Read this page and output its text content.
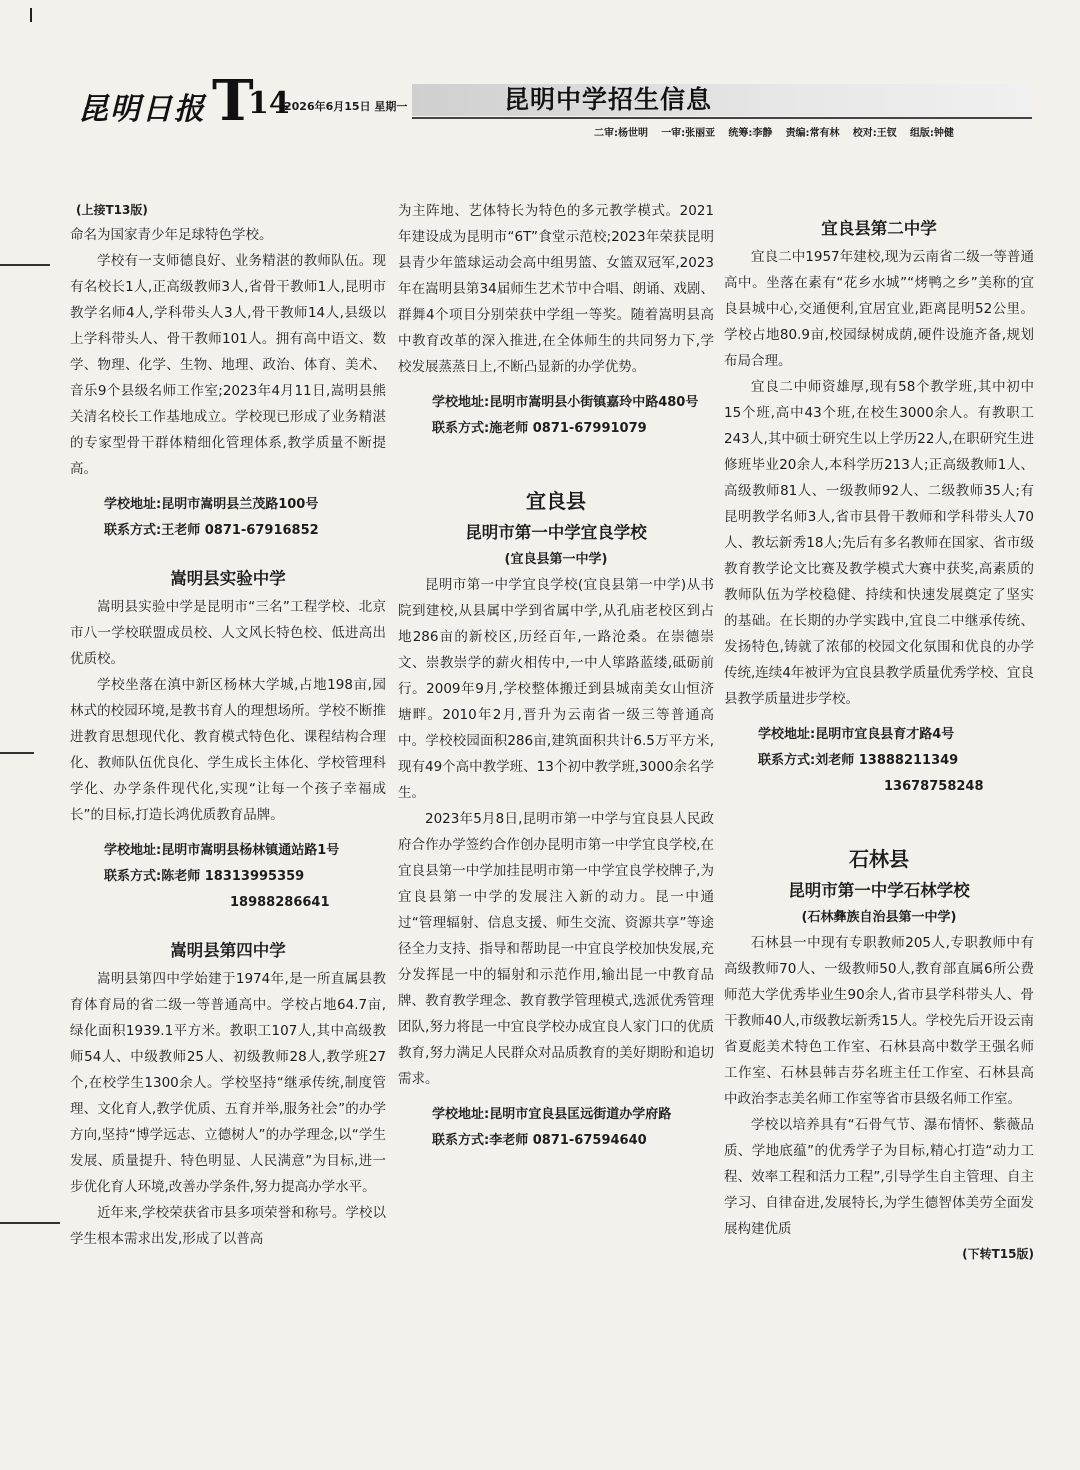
昆明日报 T
14
2026年6月15日 星期一	昆明中学招生信息
二审:杨世明 一审:张丽亚 统筹:李静 责编:常有林 校对:王钗 组版:钟健

(上接T13版)

命名为国家青少年足球特色学校。

学校有一支师德良好、业务精湛的教师队伍。现有名校长1人,正高级教师3人,省骨干教师1人,昆明市教学名师4人,学科带头人3人,骨干教师14人,县级以上学科带头人、骨干教师101人。拥有高中语文、数学、物理、化学、生物、地理、政治、体育、美术、音乐9个县级名师工作室;2023年4月11日,嵩明县熊关清名校长工作基地成立。学校现已形成了业务精湛的专家型骨干群体精细化管理体系,教学质量不断提高。

学校地址:昆明市嵩明县兰茂路100号

联系方式:王老师 0871-67916852

嵩明县实验中学

嵩明县实验中学是昆明市“三名”工程学校、北京市八一学校联盟成员校、人文风长特色校、低进高出优质校。

学校坐落在滇中新区杨林大学城,占地198亩,园林式的校园环境,是教书育人的理想场所。学校不断推进教育思想现代化、教育模式特色化、课程结构合理化、教师队伍优良化、学生成长主体化、学校管理科学化、办学条件现代化,实现“让每一个孩子幸福成长”的目标,打造长鸿优质教育品牌。

学校地址:昆明市嵩明县杨林镇通站路1号

联系方式:陈老师 18313995359

18988286641

嵩明县第四中学

嵩明县第四中学始建于1974年,是一所直属县教育体育局的省二级一等普通高中。学校占地64.7亩,绿化面积1939.1平方米。教职工107人,其中高级教师54人、中级教师25人、初级教师28人,教学班27个,在校学生1300余人。学校坚持“继承传统,制度管理、文化育人,教学优质、五育并举,服务社会”的办学方向,坚持“博学远志、立德树人”的办学理念,以“学生发展、质量提升、特色明显、人民满意”为目标,进一步优化育人环境,改善办学条件,努力提高办学水平。

近年来,学校荣获省市县多项荣誉和称号。学校以学生根本需求出发,形成了以普高

为主阵地、艺体特长为特色的多元教学模式。2021年建设成为昆明市“6T”食堂示范校;2023年荣获昆明县青少年篮球运动会高中组男篮、女篮双冠军,2023年在嵩明县第34届师生艺术节中合唱、朗诵、戏剧、群舞4个项目分别荣获中学组一等奖。随着嵩明县高中教育改革的深入推进,在全体师生的共同努力下,学校发展蒸蒸日上,不断凸显新的办学优势。

学校地址:昆明市嵩明县小街镇嘉玲中路480号

联系方式:施老师 0871-67991079

宜良县

昆明市第一中学宜良学校

(宜良县第一中学)

昆明市第一中学宜良学校(宜良县第一中学)从书院到建校,从县属中学到省属中学,从孔庙老校区到占地286亩的新校区,历经百年,一路沧桑。在崇德崇文、崇教崇学的薪火相传中,一中人筚路蓝缕,砥砺前行。2009年9月,学校整体搬迁到县城南美女山恒济塘畔。2010年2月,晋升为云南省一级三等普通高中。学校校园面积286亩,建筑面积共计6.5万平方米,现有49个高中教学班、13个初中教学班,3000余名学生。

2023年5月8日,昆明市第一中学与宜良县人民政府合作办学签约合作创办昆明市第一中学宜良学校,在宜良县第一中学加挂昆明市第一中学宜良学校牌子,为宜良县第一中学的发展注入新的动力。昆一中通过“管理辐射、信息支援、师生交流、资源共享”等途径全力支持、指导和帮助昆一中宜良学校加快发展,充分发挥昆一中的辐射和示范作用,输出昆一中教育品牌、教育教学理念、教育教学管理模式,选派优秀管理团队,努力将昆一中宜良学校办成宜良人家门口的优质教育,努力满足人民群众对品质教育的美好期盼和追切需求。

学校地址:昆明市宜良县匡远街道办学府路

联系方式:李老师 0871-67594640

宜良县第二中学

宜良二中1957年建校,现为云南省二级一等普通高中。坐落在素有“花乡水城”“烤鸭之乡”美称的宜良县城中心,交通便利,宜居宜业,距离昆明52公里。学校占地80.9亩,校园绿树成荫,硬件设施齐备,规划布局合理。

宜良二中师资雄厚,现有58个教学班,其中初中15个班,高中43个班,在校生3000余人。有教职工243人,其中硕士研究生以上学历22人,在职研究生进修班毕业20余人,本科学历213人;正高级教师1人、高级教师81人、一级教师92人、二级教师35人;有昆明教学名师3人,省市县骨干教师和学科带头人70人、教坛新秀18人;先后有多名教师在国家、省市级教育教学论文比赛及教学模式大赛中获奖,高素质的教师队伍为学校稳健、持续和快速发展奠定了坚实的基础。在长期的办学实践中,宜良二中继承传统、发扬特色,铸就了浓郁的校园文化氛围和优良的办学传统,连续4年被评为宜良县教学质量优秀学校、宜良县教学质量进步学校。

学校地址:昆明市宜良县育才路4号

联系方式:刘老师 13888211349

13678758248

石林县

昆明市第一中学石林学校

(石林彝族自治县第一中学)

石林县一中现有专职教师205人,专职教师中有高级教师70人、一级教师50人,教育部直属6所公费师范大学优秀毕业生90余人,省市县学科带头人、骨干教师40人,市级教坛新秀15人。学校先后开设云南省夏彪美术特色工作室、石林县高中数学王强名师工作室、石林县韩吉芬名班主任工作室、石林县高中政治李志美名师工作室等省市县级名师工作室。

学校以培养具有“石骨气节、瀑布情怀、紫薇品质、学地底蕴”的优秀学子为目标,精心打造“动力工程、效率工程和活力工程”,引导学生自主管理、自主学习、自律奋进,发展特长,为学生德智体美劳全面发展构建优质

(下转T15版)
